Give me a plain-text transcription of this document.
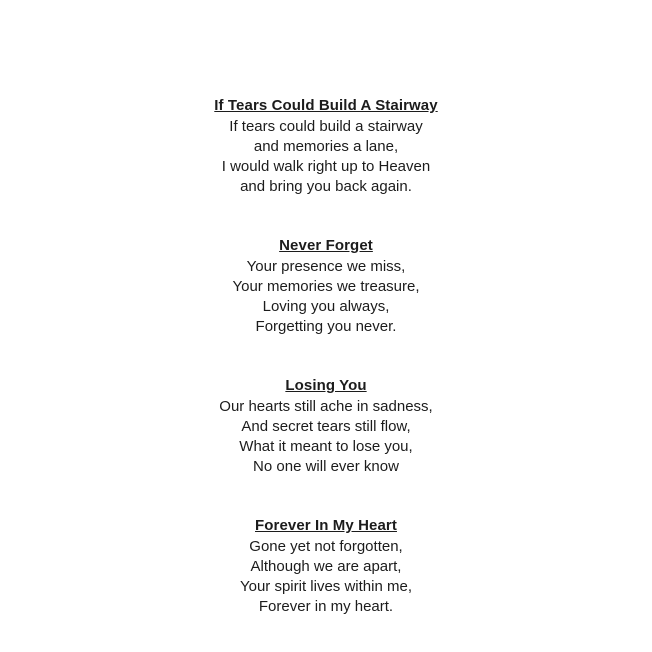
If Tears Could Build A Stairway
If tears could build a stairway
and memories a lane,
I would walk right up to Heaven
and bring you back again.
Never Forget
Your presence we miss,
Your memories we treasure,
Loving you always,
Forgetting you never.
Losing You
Our hearts still ache in sadness,
And secret tears still flow,
What it meant to lose you,
No one will ever know
Forever In My Heart
Gone yet not forgotten,
Although we are apart,
Your spirit lives within me,
Forever in my heart.
